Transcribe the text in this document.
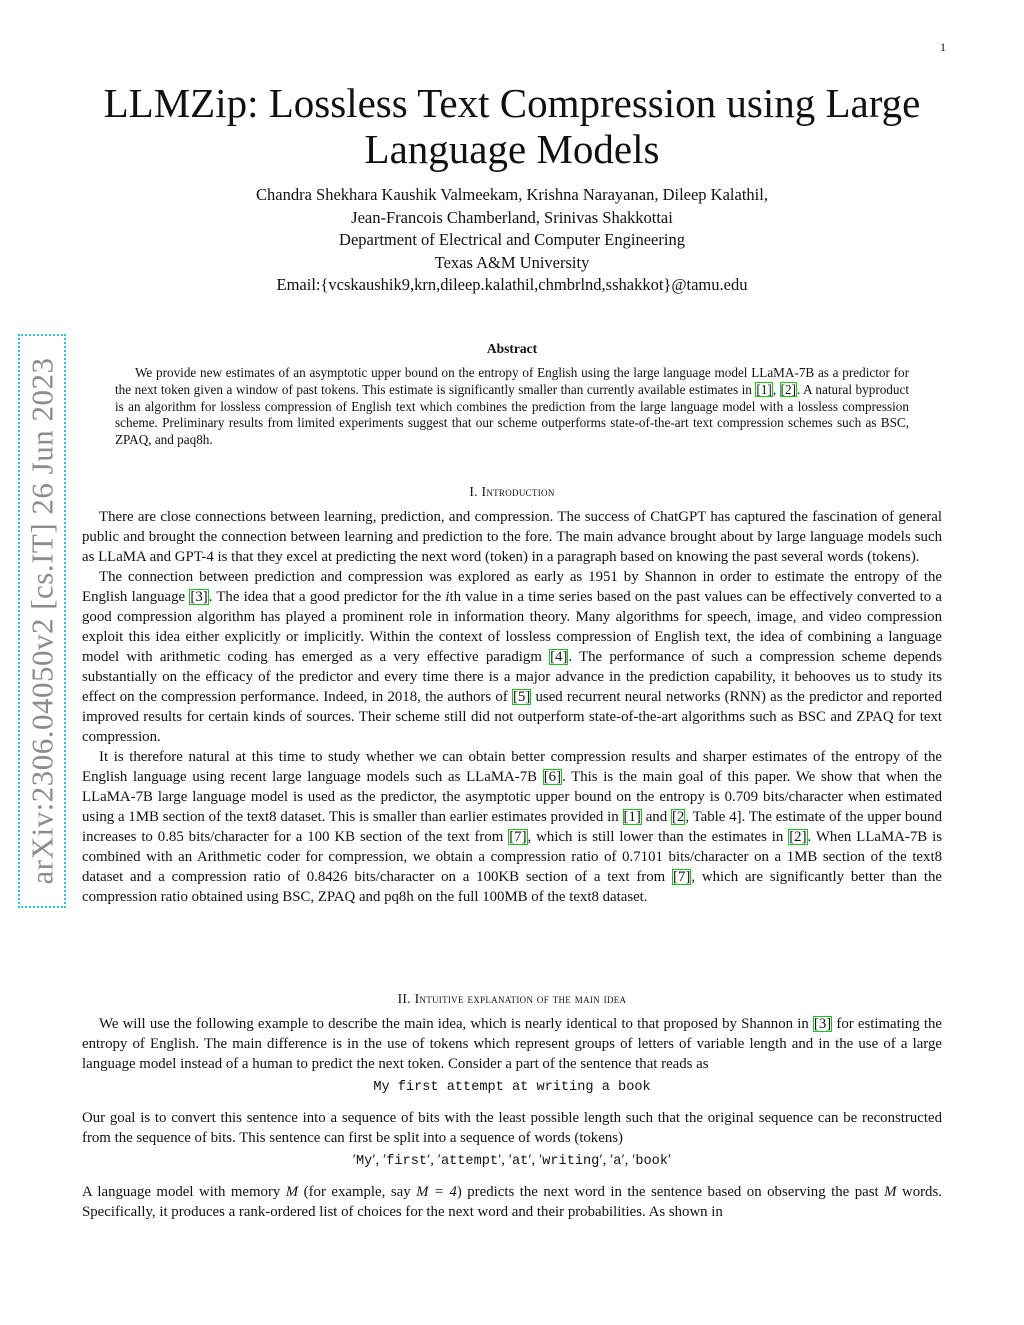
1
arXiv:2306.04050v2 [cs.IT] 26 Jun 2023
LLMZip: Lossless Text Compression using Large Language Models
Chandra Shekhara Kaushik Valmeekam, Krishna Narayanan, Dileep Kalathil,
Jean-Francois Chamberland, Srinivas Shakkottai
Department of Electrical and Computer Engineering
Texas A&M University
Email:{vcskaushik9,krn,dileep.kalathil,chmbrlnd,sshakkot}@tamu.edu
Abstract

We provide new estimates of an asymptotic upper bound on the entropy of English using the large language model LLaMA-7B as a predictor for the next token given a window of past tokens. This estimate is significantly smaller than currently available estimates in [1], [2]. A natural byproduct is an algorithm for lossless compression of English text which combines the prediction from the large language model with a lossless compression scheme. Preliminary results from limited experiments suggest that our scheme outperforms state-of-the-art text compression schemes such as BSC, ZPAQ, and paq8h.

I. Introduction

There are close connections between learning, prediction, and compression. The success of ChatGPT has captured the fascination of general public and brought the connection between learning and prediction to the fore. The main advance brought about by large language models such as LLaMA and GPT-4 is that they excel at predicting the next word (token) in a paragraph based on knowing the past several words (tokens).

The connection between prediction and compression was explored as early as 1951 by Shannon in order to estimate the entropy of the English language [3]. The idea that a good predictor for the ith value in a time series based on the past values can be effectively converted to a good compression algorithm has played a prominent role in information theory. Many algorithms for speech, image, and video compression exploit this idea either explicitly or implicitly. Within the context of lossless compression of English text, the idea of combining a language model with arithmetic coding has emerged as a very effective paradigm [4]. The performance of such a compression scheme depends substantially on the efficacy of the predictor and every time there is a major advance in the prediction capability, it behooves us to study its effect on the compression performance. Indeed, in 2018, the authors of [5] used recurrent neural networks (RNN) as the predictor and reported improved results for certain kinds of sources. Their scheme still did not outperform state-of-the-art algorithms such as BSC and ZPAQ for text compression.

It is therefore natural at this time to study whether we can obtain better compression results and sharper estimates of the entropy of the English language using recent large language models such as LLaMA-7B [6]. This is the main goal of this paper. We show that when the LLaMA-7B large language model is used as the predictor, the asymptotic upper bound on the entropy is 0.709 bits/character when estimated using a 1MB section of the text8 dataset. This is smaller than earlier estimates provided in [1] and [2, Table 4]. The estimate of the upper bound increases to 0.85 bits/character for a 100 KB section of the text from [7], which is still lower than the estimates in [2]. When LLaMA-7B is combined with an Arithmetic coder for compression, we obtain a compression ratio of 0.7101 bits/character on a 1MB section of the text8 dataset and a compression ratio of 0.8426 bits/character on a 100KB section of a text from [7], which are significantly better than the compression ratio obtained using BSC, ZPAQ and pq8h on the full 100MB of the text8 dataset.

II. Intuitive explanation of the main idea

We will use the following example to describe the main idea, which is nearly identical to that proposed by Shannon in [3] for estimating the entropy of English. The main difference is in the use of tokens which represent groups of letters of variable length and in the use of a large language model instead of a human to predict the next token. Consider a part of the sentence that reads as

My first attempt at writing a book

Our goal is to convert this sentence into a sequence of bits with the least possible length such that the original sequence can be reconstructed from the sequence of bits. This sentence can first be split into a sequence of words (tokens)

′My′, ′first′, ′attempt′, ′at′, ′writing′, ′a′, ′book′

A language model with memory M (for example, say M = 4) predicts the next word in the sentence based on observing the past M words. Specifically, it produces a rank-ordered list of choices for the next word and their probabilities. As shown in
